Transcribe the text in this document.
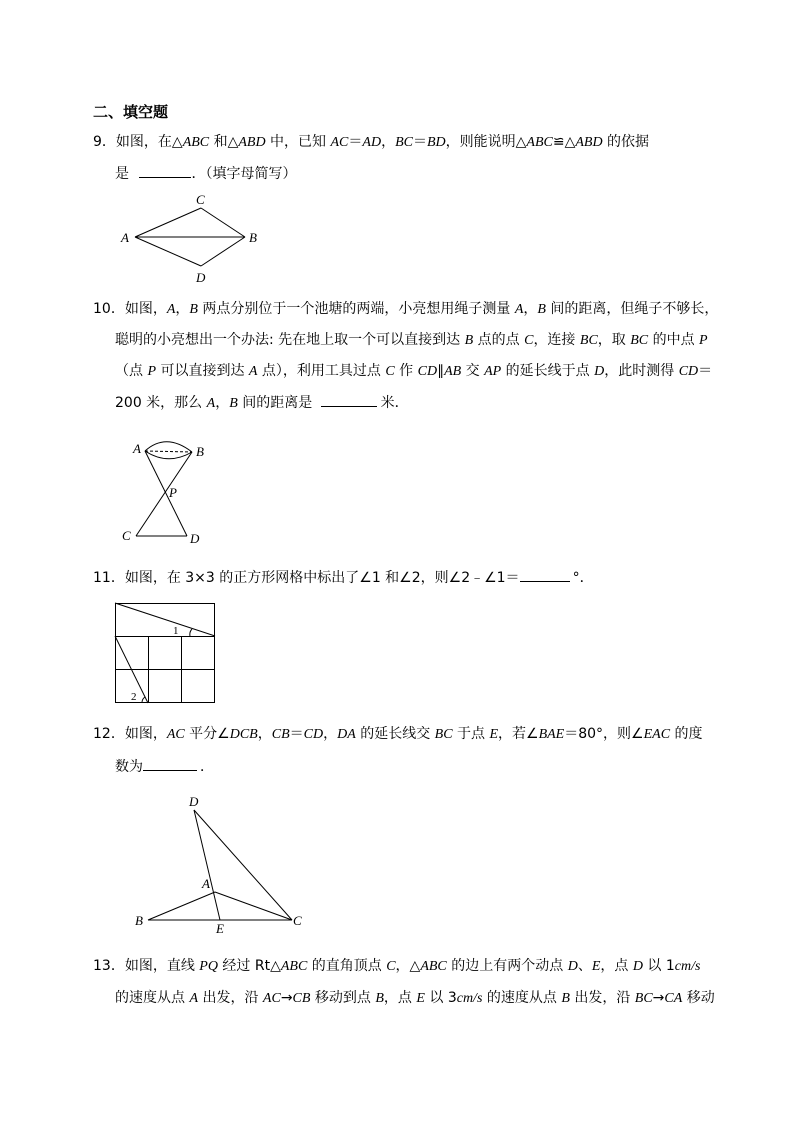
二、填空题
9．如图，在△ABC 和△ABD 中，已知 AC＝AD，BC＝BD，则能说明△ABC≌△ABD 的依据
是	．（填字母简写）
A	B
C
D
10．如图，A，B 两点分别位于一个池塘的两端，小亮想用绳子测量 A，B 间的距离，但绳子不够长，
聪明的小亮想出一个办法: 先在地上取一个可以直接到达 B 点的点 C，连接 BC，取 BC 的中点 P
（点 P 可以直接到达 A 点），利用工具过点 C 作 CD∥AB 交 AP 的延长线于点 D，此时测得 CD＝
200 米，那么 A，B 间的距离是	米．
A	B
P
C	D
11．如图，在 3×3 的正方形网格中标出了∠1 和∠2，则∠2﹣∠1＝	°．
1
2
12．如图，AC 平分∠DCB，CB＝CD，DA 的延长线交 BC 于点 E，若∠BAE＝80°，则∠EAC 的度
数为	．
D
A
B
E
C
13．如图，直线 PQ 经过 Rt△ABC 的直角顶点 C，△ABC 的边上有两个动点 D、E，点 D 以 1cm/s
的速度从点 A 出发，沿 AC→CB 移动到点 B，点 E 以 3cm/s 的速度从点 B 出发，沿 BC→CA 移动
